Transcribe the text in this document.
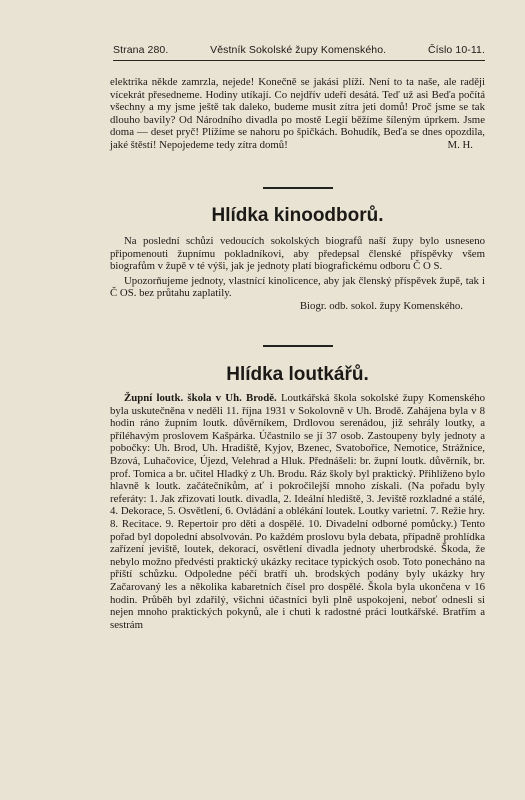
Strana 280.	Věstník Sokolské župy Komenského.	Číslo 10-11.

elektrika někde zamrzla, nejede! Konečně se jakási plíží. Není to ta naše, ale raději vícekrát přesedneme. Hodiny utíkají. Co nejdřív udeří desátá. Teď už asi Beďa počítá všechny a my jsme ještě tak daleko, budeme musit zítra jeti domů! Proč jsme se tak dlouho bavily? Od Národního divadla po mostě Legií běžíme šíleným úprkem. Jsme doma — deset pryč! Plížíme se nahoru po špičkách. Bohudík, Beďa se dnes opozdila, jaké štěstí! Nepojedeme tedy zítra domů!	M. H.

Hlídka kinoodborů.

Na poslední schůzi vedoucích sokolských biografů naší župy bylo usneseno připomenouti župnímu pokladníkovi, aby předepsal členské příspěvky všem biografům v župě v té výši, jak je jednoty platí biografickému odboru Č O S.

Upozorňujeme jednoty, vlastnící kinolicence, aby jak členský příspěvek župě, tak i Č OS. bez průtahu zaplatily.

Biogr. odb. sokol. župy Komenského.

Hlídka loutkářů.

Župní loutk. škola v Uh. Brodě. Loutkářská škola sokolské župy Komenského byla uskutečněna v neděli 11. října 1931 v Sokolovně v Uh. Brodě. Zahájena byla v 8 hodin ráno župním loutk. důvěrníkem, Drdlovou serenádou, již sehrály loutky, a příléhavým proslovem Kašpárka. Účastnilo se jí 37 osob. Zastoupeny byly jednoty a pobočky: Uh. Brod, Uh. Hradiště, Kyjov, Bzenec, Svatobořice, Nemotice, Strážnice, Bzová, Luhačovice, Újezd, Velehrad a Hluk. Přednášeli: br. župní loutk. důvěrník, br. prof. Tomica a br. učitel Hladký z Uh. Brodu. Ráz školy byl praktický. Přihlíženo bylo hlavně k loutk. začátečníkům, ať i pokročilejší mnoho získali. (Na pořadu byly referáty: 1. Jak zřizovati loutk. divadla, 2. Ideální hlediště, 3. Jeviště rozkladné a stálé, 4. Dekorace, 5. Osvětlení, 6. Ovládání a oblékání loutek. Loutky varietní. 7. Režie hry. 8. Recitace. 9. Repertoir pro děti a dospělé. 10. Divadelní odborné pomůcky.) Tento pořad byl dopolední absolvován. Po každém proslovu byla debata, případně prohlídka zařízení jeviště, loutek, dekorací, osvětlení divadla jednoty uherbrodské. Škoda, že nebylo možno předvésti praktický ukázky recitace typických osob. Toto ponecháno na příští schůzku. Odpoledne péčí bratří uh. brodských podány byly ukázky hry Začarovaný les a několika kabaretních čísel pro dospělé. Škola byla ukončena v 16 hodin. Průběh byl zdařilý, všichni účastníci byli plně uspokojeni, neboť odnesli si nejen mnoho praktických pokynů, ale i chuti k radostné práci loutkářské. Bratřím a sestrám
